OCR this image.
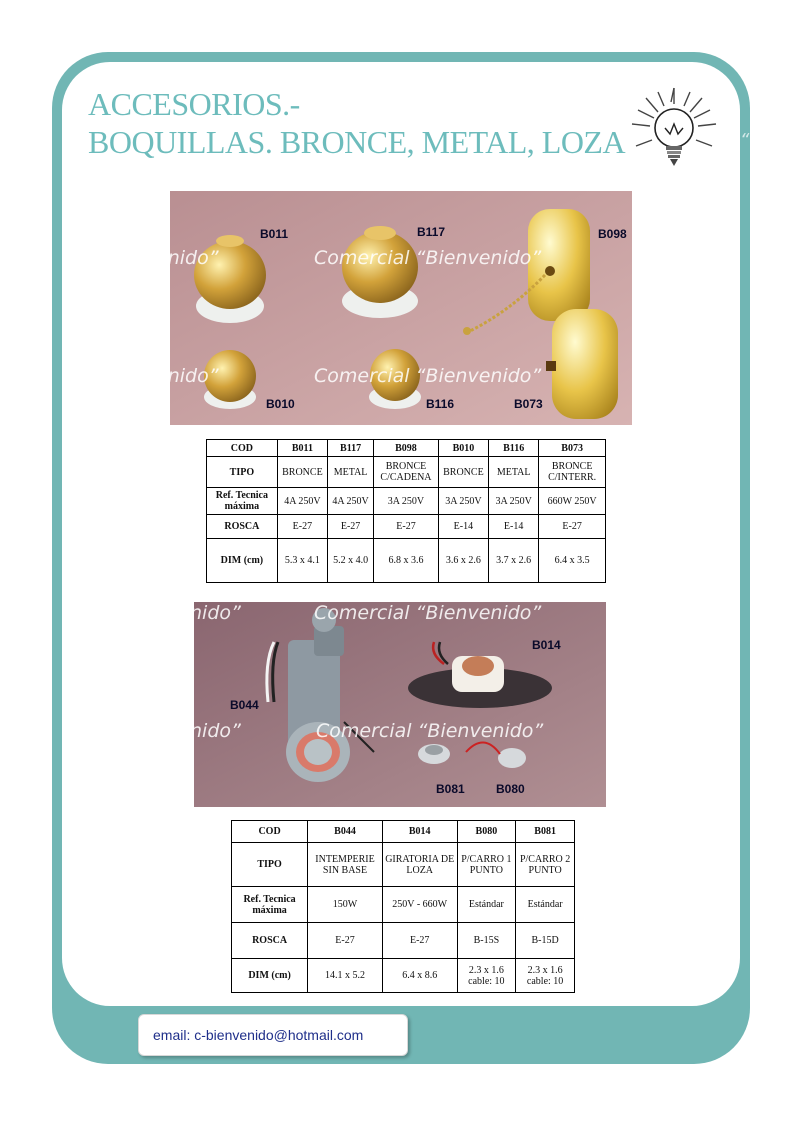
ACCESORIOS.-
BOQUILLAS. BRONCE, METAL, LOZA
“	“
B011	B117	B098
B010	B116	B073
enido”	Comercial “Bienvenido”
enido”	Comercial “Bienvenido”
COD	B011	B117	B098	B010	B116	B073
TIPO	BRONCE	METAL	BRONCE C/CADENA	BRONCE	METAL	BRONCE C/INTERR.
Ref. Tecnica máxima	4A 250V	4A 250V	3A 250V	3A 250V	3A 250V	660W 250V
ROSCA	E-27	E-27	E-27	E-14	E-14	E-27
DIM (cm)	5.3 x 4.1	5.2 x 4.0	6.8 x 3.6	3.6 x 2.6	3.7 x 2.6	6.4 x 3.5
B014
B044
B081	B080
nido”	Comercial “Bienvenido”
nido”	Comercial “Bienvenido”
COD	B044	B014	B080	B081
TIPO	INTEMPERIE SIN BASE	GIRATORIA DE LOZA	P/CARRO 1 PUNTO	P/CARRO 2 PUNTO
Ref. Tecnica máxima	150W	250V - 660W	Estándar	Estándar
ROSCA	E-27	E-27	B-15S	B-15D
DIM (cm)	14.1 x 5.2	6.4 x 8.6	2.3 x 1.6 cable: 10	2.3 x 1.6 cable: 10
email: c-bienvenido@hotmail.com
